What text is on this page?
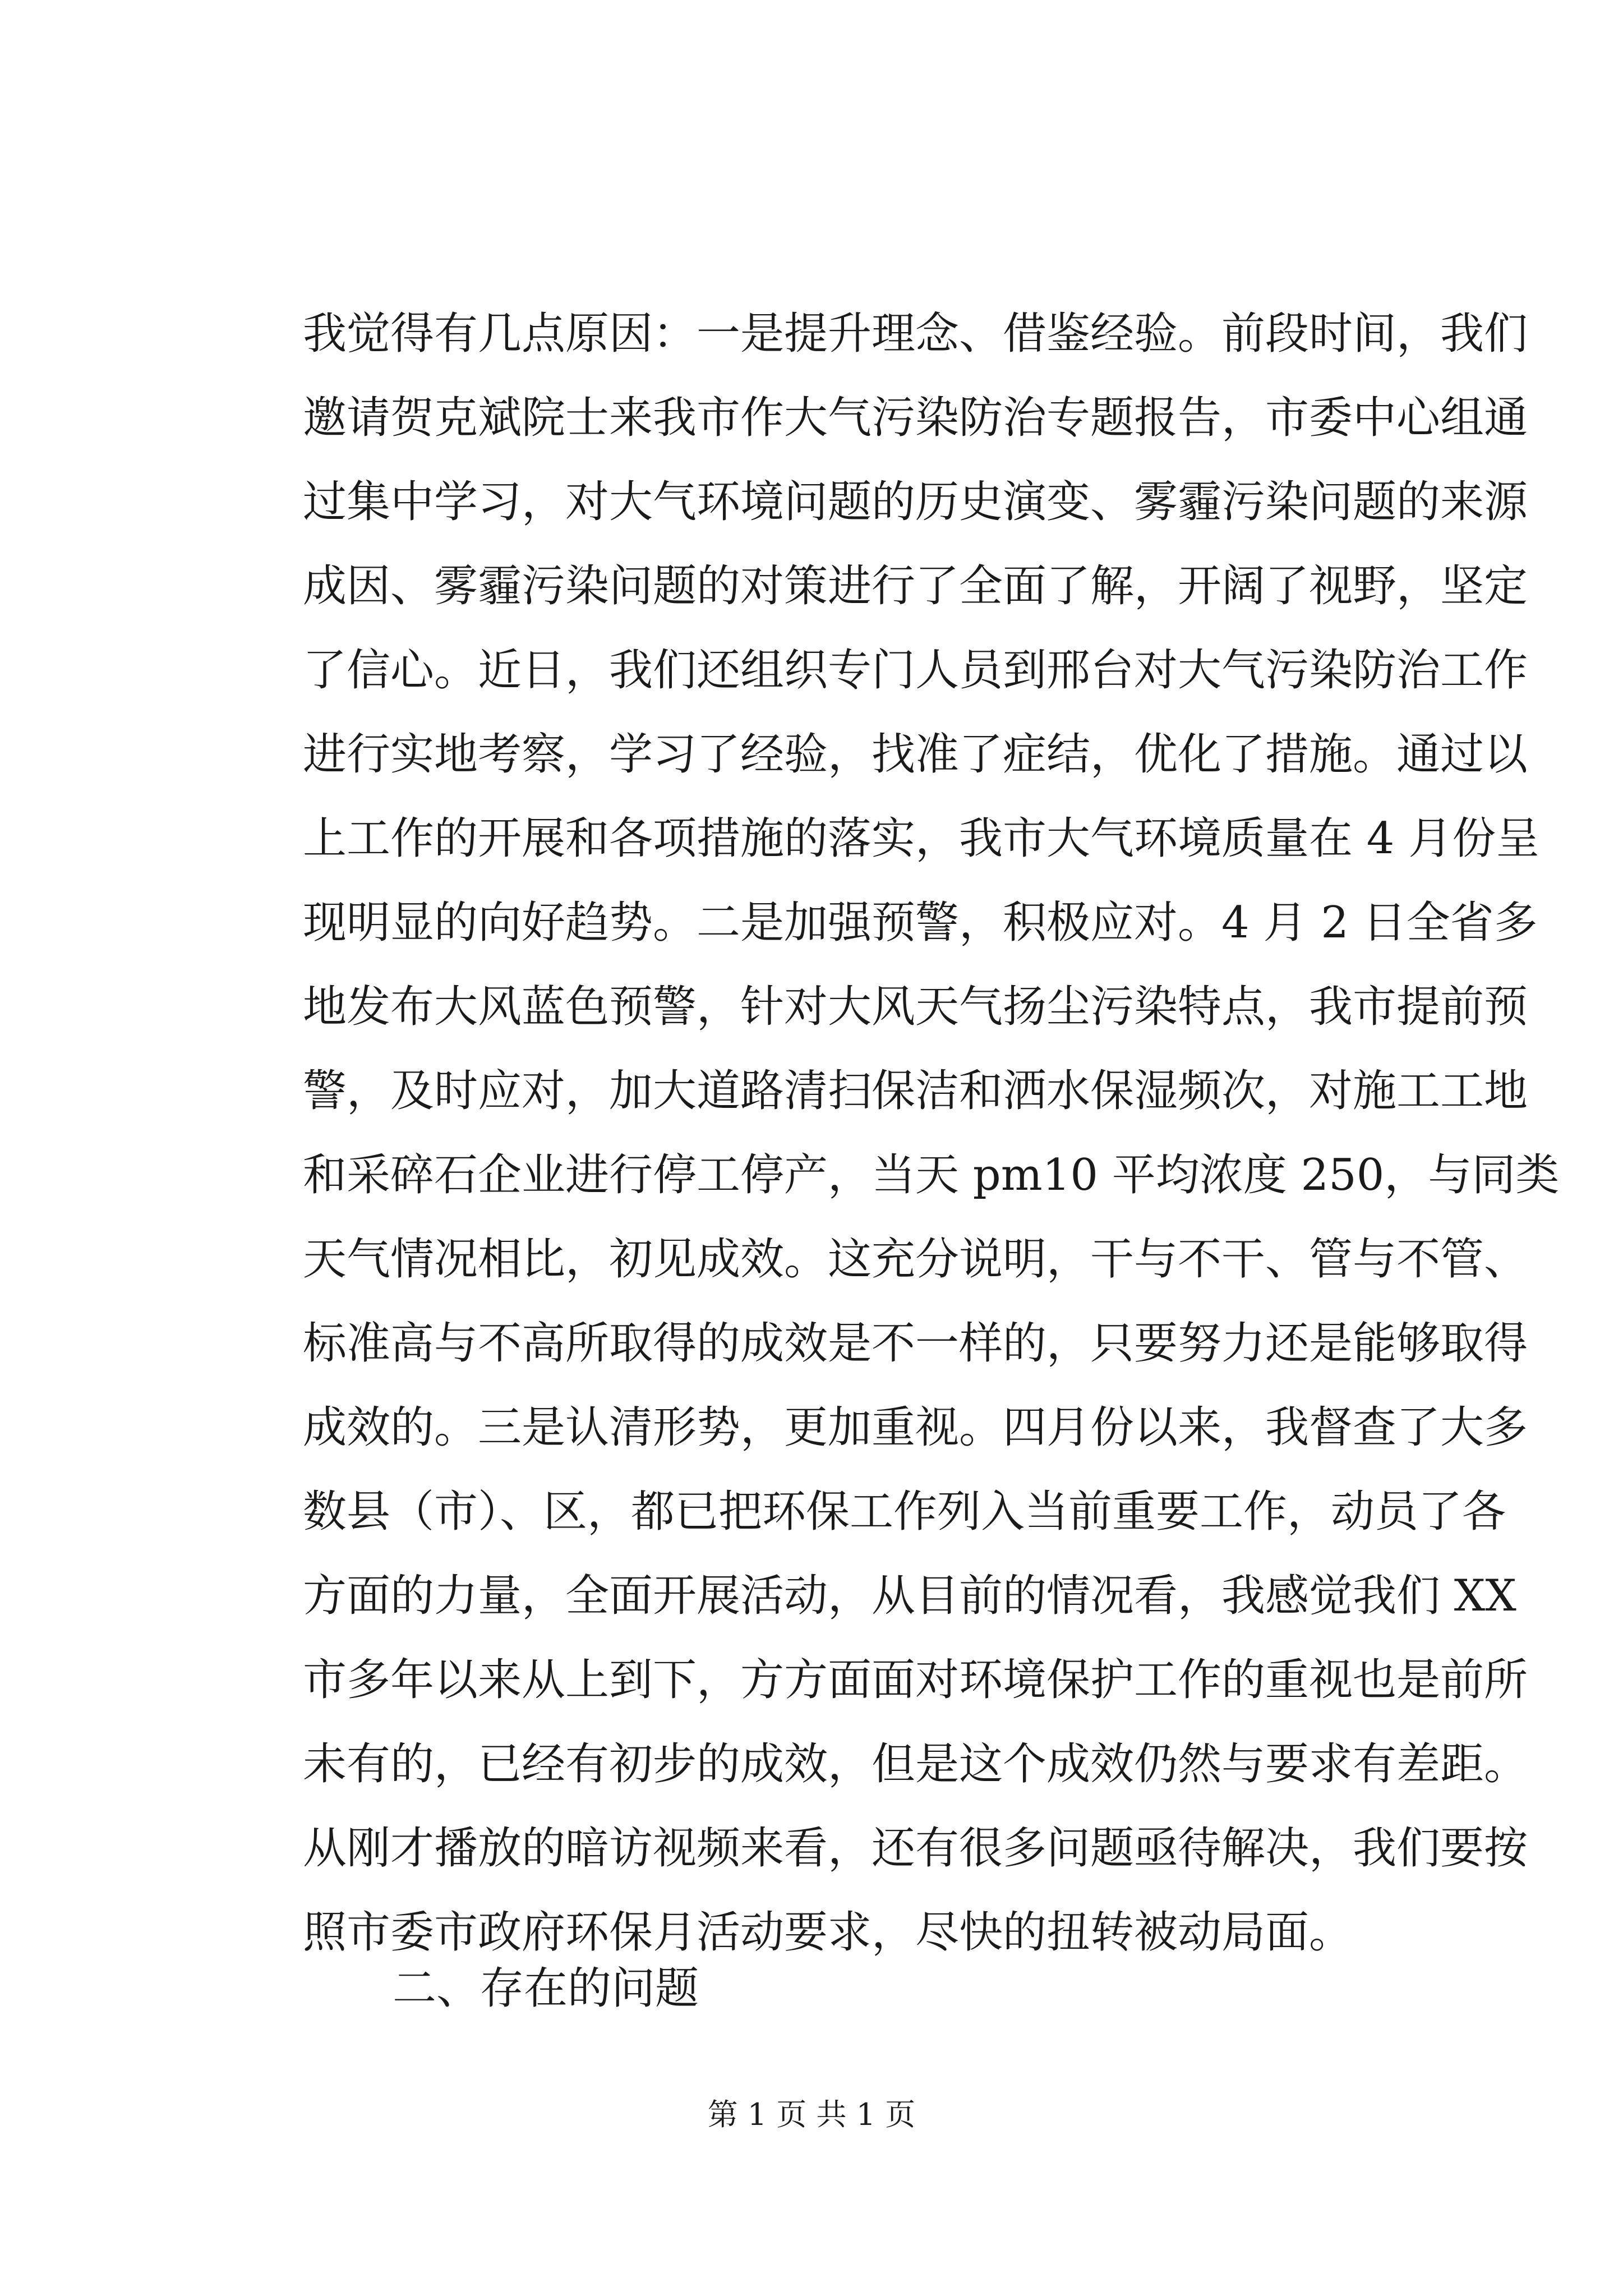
我觉得有几点原因：一是提升理念、借鉴经验。前段时间，我们
邀请贺克斌院士来我市作大气污染防治专题报告，市委中心组通
过集中学习，对大气环境问题的历史演变、雾霾污染问题的来源
成因、雾霾污染问题的对策进行了全面了解，开阔了视野，坚定
了信心。近日，我们还组织专门人员到邢台对大气污染防治工作
进行实地考察，学习了经验，找准了症结，优化了措施。通过以
上工作的开展和各项措施的落实，我市大气环境质量在 4 月份呈
现明显的向好趋势。二是加强预警，积极应对。4 月 2 日全省多
地发布大风蓝色预警，针对大风天气扬尘污染特点，我市提前预
警，及时应对，加大道路清扫保洁和洒水保湿频次，对施工工地
和采碎石企业进行停工停产，当天 pm10 平均浓度 250，与同类
天气情况相比，初见成效。这充分说明，干与不干、管与不管、
标准高与不高所取得的成效是不一样的，只要努力还是能够取得
成效的。三是认清形势，更加重视。四月份以来，我督查了大多
数县（市）、区，都已把环保工作列入当前重要工作，动员了各
方面的力量，全面开展活动，从目前的情况看，我感觉我们 XX
市多年以来从上到下，方方面面对环境保护工作的重视也是前所
未有的，已经有初步的成效，但是这个成效仍然与要求有差距。
从刚才播放的暗访视频来看，还有很多问题亟待解决，我们要按
照市委市政府环保月活动要求，尽快的扭转被动局面。
二、存在的问题
第 1 页 共 1 页
